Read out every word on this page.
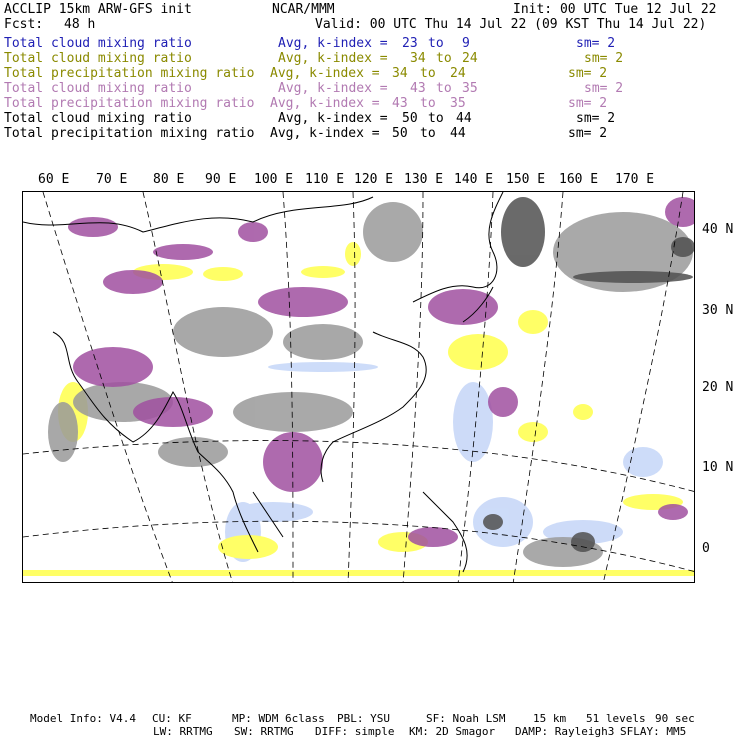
ACCLIP 15km ARW-GFS init	NCAR/MMM	Init: 00 UTC Tue 12 Jul 22
Fcst: 48 h	Valid: 00 UTC Thu 14 Jul 22 (09 KST Thu 14 Jul 22)
Total cloud mixing ratio	Avg, k-index = 23 to 9	sm= 2
Total cloud mixing ratio	Avg, k-index = 34 to 24	sm= 2
Total precipitation mixing ratio Avg, k-index = 34 to 24	sm= 2
Total cloud mixing ratio	Avg, k-index = 43 to 35	sm= 2
Total precipitation mixing ratio Avg, k-index = 43 to 35	sm= 2
Total cloud mixing ratio	Avg, k-index = 50 to 44	sm= 2
Total precipitation mixing ratio Avg, k-index = 50 to 44	sm= 2
60 E 70 E 80 E 90 E 100 E 110 E 120 E 130 E 140 E 150 E 160 E 170 E
40 N
30 N
20 N
10 N
0
Model Info: V4.4 CU: KF	MP: WDM 6class PBL: YSU	SF: Noah LSM	15 km 51 levels 90 sec
LW: RRTMG SW: RRTMG DIFF: simple KM: 2D Smagor DAMP: Rayleigh3 SFLAY: MM5
